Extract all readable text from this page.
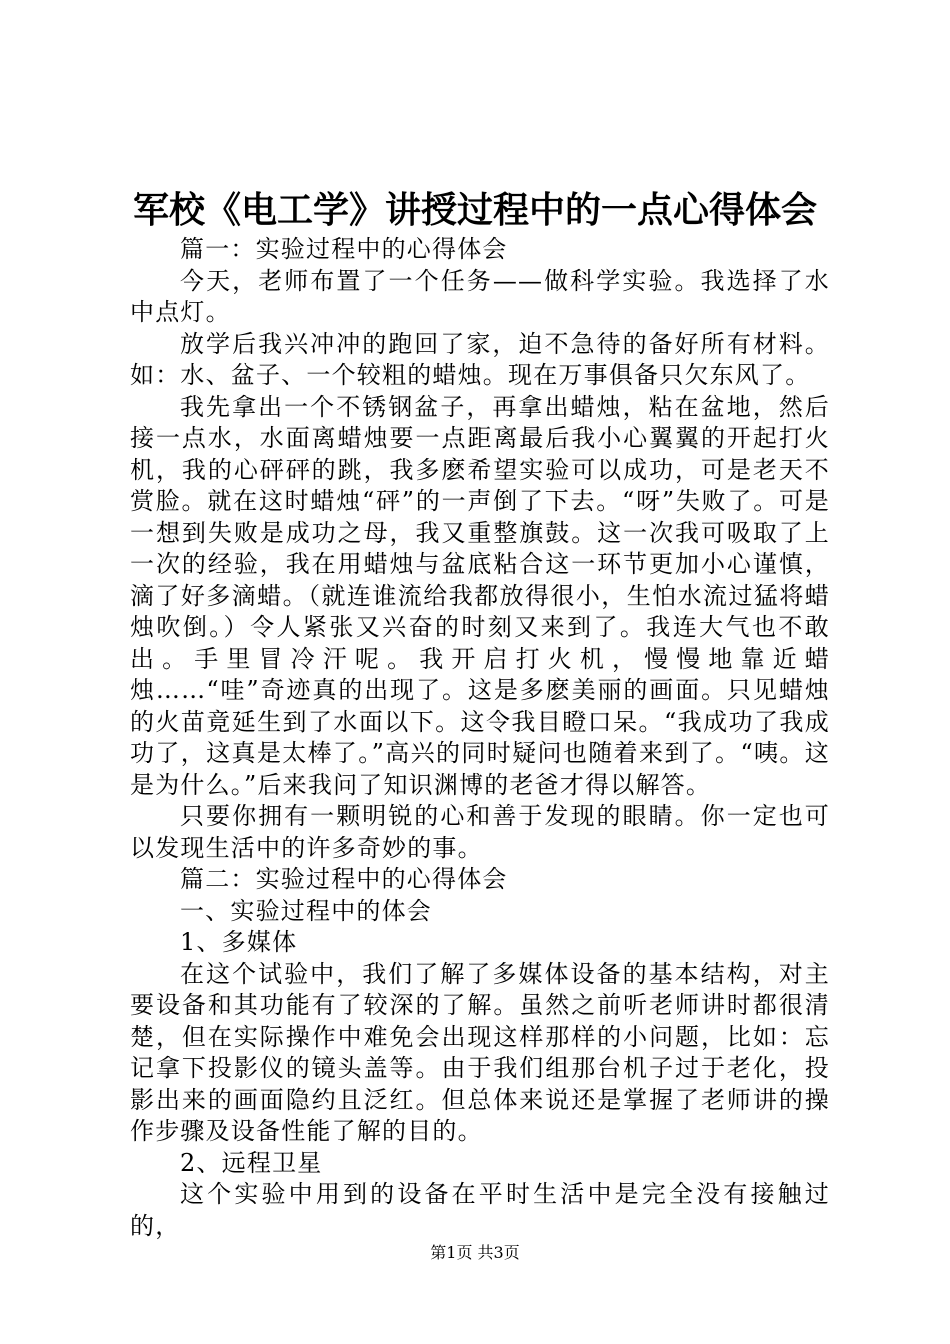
军校《电工学》讲授过程中的一点心得体会

篇一：实验过程中的心得体会

今天，老师布置了一个任务——做科学实验。我选择了水中点灯。

放学后我兴冲冲的跑回了家，迫不急待的备好所有材料。如：水、盆子、一个较粗的蜡烛。现在万事俱备只欠东风了。

我先拿出一个不锈钢盆子，再拿出蜡烛，粘在盆地，然后接一点水，水面离蜡烛要一点距离最后我小心翼翼的开起打火机，我的心砰砰的跳，我多麽希望实验可以成功，可是老天不赏脸。就在这时蜡烛“砰”的一声倒了下去。“呀”失败了。可是一想到失败是成功之母，我又重整旗鼓。这一次我可吸取了上一次的经验，我在用蜡烛与盆底粘合这一环节更加小心谨慎，滴了好多滴蜡。（就连谁流给我都放得很小，生怕水流过猛将蜡烛吹倒。）令人紧张又兴奋的时刻又来到了。我连大气也不敢出。手里冒冷汗呢。我开启打火机，慢慢地靠近蜡烛……“哇”奇迹真的出现了。这是多麽美丽的画面。只见蜡烛的火苗竟延生到了水面以下。这令我目瞪口呆。“我成功了我成功了，这真是太棒了。”高兴的同时疑问也随着来到了。“咦。这是为什么。”后来我问了知识渊博的老爸才得以解答。

只要你拥有一颗明锐的心和善于发现的眼睛。你一定也可以发现生活中的许多奇妙的事。

篇二：实验过程中的心得体会

一、实验过程中的体会

1、多媒体

在这个试验中，我们了解了多媒体设备的基本结构，对主要设备和其功能有了较深的了解。虽然之前听老师讲时都很清楚，但在实际操作中难免会出现这样那样的小问题，比如：忘记拿下投影仪的镜头盖等。由于我们组那台机子过于老化，投影出来的画面隐约且泛红。但总体来说还是掌握了老师讲的操作步骤及设备性能了解的目的。

2、远程卫星

这个实验中用到的设备在平时生活中是完全没有接触过的，

第1页 共3页
